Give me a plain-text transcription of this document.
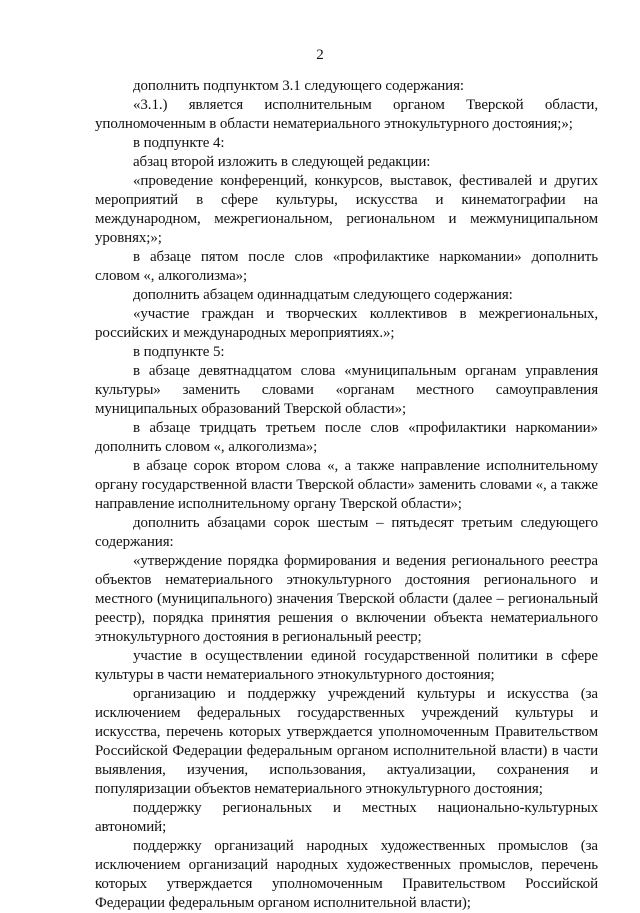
2

дополнить подпунктом 3.1 следующего содержания:

«3.1.) является исполнительным органом Тверской области, уполномоченным в области нематериального этнокультурного достояния;»;

в подпункте 4:

абзац второй изложить в следующей редакции:

«проведение конференций, конкурсов, выставок, фестивалей и других мероприятий в сфере культуры, искусства и кинематографии на международном, межрегиональном, региональном и межмуниципальном уровнях;»;

в абзаце пятом после слов «профилактике наркомании» дополнить словом «, алкоголизма»;

дополнить абзацем одиннадцатым следующего содержания:

«участие граждан и творческих коллективов в межрегиональных, российских и международных мероприятиях.»;

в подпункте 5:

в абзаце девятнадцатом слова «муниципальным органам управления культуры» заменить словами «органам местного самоуправления муниципальных образований Тверской области»;

в абзаце тридцать третьем после слов «профилактики наркомании» дополнить словом «, алкоголизма»;

в абзаце сорок втором слова «, а также направление исполнительному органу государственной власти Тверской области» заменить словами «, а также направление исполнительному органу Тверской области»;

дополнить абзацами сорок шестым – пятьдесят третьим следующего содержания:

«утверждение порядка формирования и ведения регионального реестра объектов нематериального этнокультурного достояния регионального и местного (муниципального) значения Тверской области (далее – региональный реестр), порядка принятия решения о включении объекта нематериального этнокультурного достояния в региональный реестр;

участие в осуществлении единой государственной политики в сфере культуры в части нематериального этнокультурного достояния;

организацию и поддержку учреждений культуры и искусства (за исключением федеральных государственных учреждений культуры и искусства, перечень которых утверждается уполномоченным Правительством Российской Федерации федеральным органом исполнительной власти) в части выявления, изучения, использования, актуализации, сохранения и популяризации объектов нематериального этнокультурного достояния;

поддержку региональных и местных национально-культурных автономий;

поддержку организаций народных художественных промыслов (за исключением организаций народных художественных промыслов, перечень которых утверждается уполномоченным Правительством Российской Федерации федеральным органом исполнительной власти);
